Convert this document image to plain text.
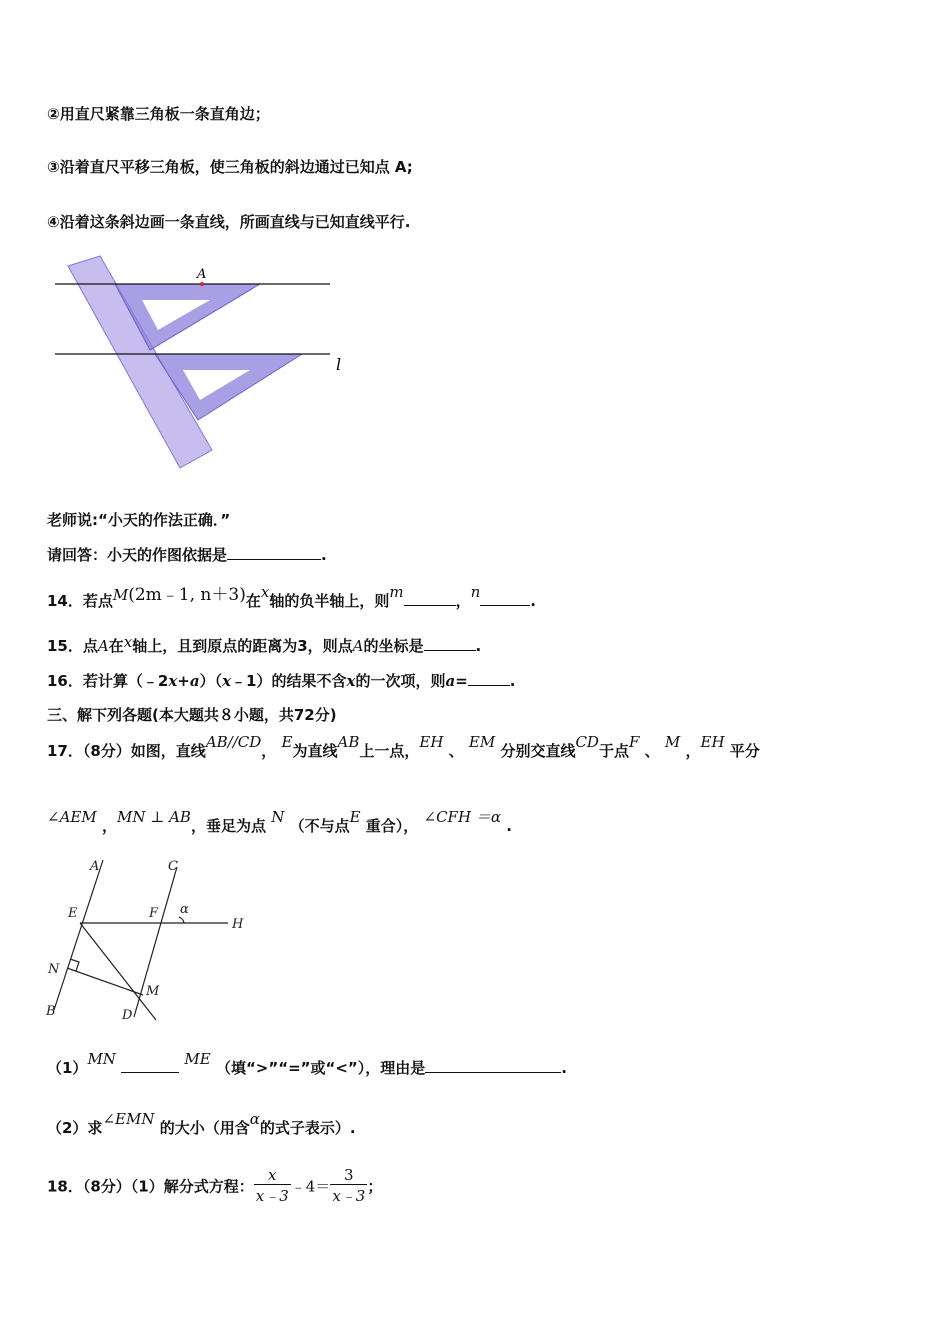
②用直尺紧靠三角板一条直角边；
③沿着直尺平移三角板，使三角板的斜边通过已知点 A;
④沿着这条斜边画一条直线，所画直线与已知直线平行.
A
l
老师说:“小天的作法正确．”
请回答：小天的作图依据是	.
14．若点M(2m﹣1, n＋3)在x轴的负半轴上，则m	，n	.
15．点A在x轴上，且到原点的距离为3，则点A的坐标是	.
16．若计算（﹣2x+a）（x﹣1）的结果不含x的一次项，则a=	.
三、解下列各题(本大题共８小题，共72分)
17．（8分）如图，直线AB//CD， E为直线AB上一点，EH 、 EM 分别交直线CD于点F 、 M ，EH 平分
∠AEM ，MN ⊥ AB，垂足为点 N （不与点E 重合）， ∠CFH ＝α .
A	C
E	F α
H
N
M
B	D
（1）MN	ME （填“>”“=”或“<”），理由是	.
（2）求∠EMN 的大小（用含α的式子表示）.
18．（8分）（1）解分式方程： $\frac{x}{x﹣3}$ ﹣4＝ $\frac{3}{x﹣3}$ ；
